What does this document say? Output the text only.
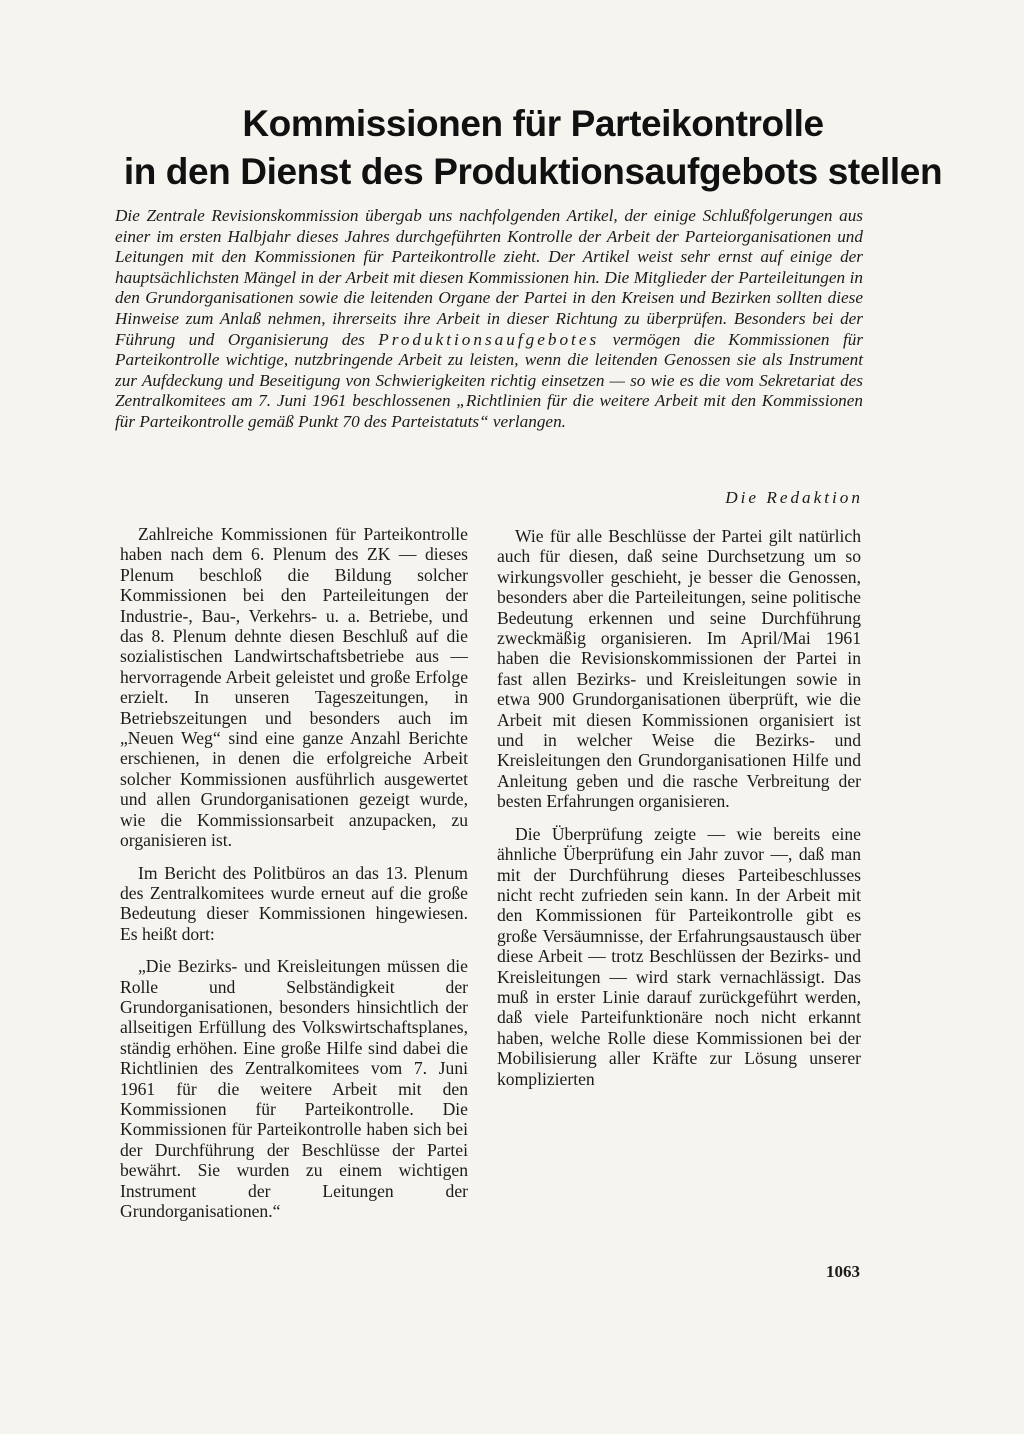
Kommissionen für Parteikontrolle
in den Dienst des Produktionsaufgebots stellen

Die Zentrale Revisionskommission übergab uns nachfolgenden Artikel, der einige Schlußfolgerungen aus einer im ersten Halbjahr dieses Jahres durchgeführten Kontrolle der Arbeit der Parteiorganisationen und Leitungen mit den Kommissionen für Parteikontrolle zieht. Der Artikel weist sehr ernst auf einige der hauptsächlichsten Mängel in der Arbeit mit diesen Kommissionen hin. Die Mitglieder der Parteileitungen in den Grundorganisationen sowie die leitenden Organe der Partei in den Kreisen und Bezirken sollten diese Hinweise zum Anlaß nehmen, ihrerseits ihre Arbeit in dieser Richtung zu überprüfen. Besonders bei der Führung und Organisierung des Produktionsaufgebotes vermögen die Kommissionen für Parteikontrolle wichtige, nutzbringende Arbeit zu leisten, wenn die leitenden Genossen sie als Instrument zur Aufdeckung und Beseitigung von Schwierigkeiten richtig einsetzen — so wie es die vom Sekretariat des Zentralkomitees am 7. Juni 1961 beschlossenen „Richtlinien für die weitere Arbeit mit den Kommissionen für Parteikontrolle gemäß Punkt 70 des Parteistatuts“ verlangen.

Die Redaktion

Zahlreiche Kommissionen für Parteikontrolle haben nach dem 6. Plenum des ZK — dieses Plenum beschloß die Bildung solcher Kommissionen bei den Parteileitungen der Industrie-, Bau-, Verkehrs- u. a. Betriebe, und das 8. Plenum dehnte diesen Beschluß auf die sozialistischen Landwirtschaftsbetriebe aus — hervorragende Arbeit geleistet und große Erfolge erzielt. In unseren Tageszeitungen, in Betriebszeitungen und besonders auch im „Neuen Weg“ sind eine ganze Anzahl Berichte erschienen, in denen die erfolgreiche Arbeit solcher Kommissionen ausführlich ausgewertet und allen Grundorganisationen gezeigt wurde, wie die Kommissionsarbeit anzupacken, zu organisieren ist.

Im Bericht des Politbüros an das 13. Plenum des Zentralkomitees wurde erneut auf die große Bedeutung dieser Kommissionen hingewiesen. Es heißt dort:

„Die Bezirks- und Kreisleitungen müssen die Rolle und Selbständigkeit der Grundorganisationen, besonders hinsichtlich der allseitigen Erfüllung des Volkswirtschaftsplanes, ständig erhöhen. Eine große Hilfe sind dabei die Richtlinien des Zentralkomitees vom 7. Juni 1961 für die weitere Arbeit mit den Kommissionen für Parteikontrolle. Die Kommissionen für Parteikontrolle haben sich bei der Durchführung der Beschlüsse der Partei bewährt. Sie wurden zu einem wichtigen Instrument der Leitungen der Grundorganisationen.“

Wie für alle Beschlüsse der Partei gilt natürlich auch für diesen, daß seine Durchsetzung um so wirkungsvoller geschieht, je besser die Genossen, besonders aber die Parteileitungen, seine politische Bedeutung erkennen und seine Durchführung zweckmäßig organisieren. Im April/Mai 1961 haben die Revisionskommissionen der Partei in fast allen Bezirks- und Kreisleitungen sowie in etwa 900 Grundorganisationen überprüft, wie die Arbeit mit diesen Kommissionen organisiert ist und in welcher Weise die Bezirks- und Kreisleitungen den Grundorganisationen Hilfe und Anleitung geben und die rasche Verbreitung der besten Erfahrungen organisieren.

Die Überprüfung zeigte — wie bereits eine ähnliche Überprüfung ein Jahr zuvor —, daß man mit der Durchführung dieses Parteibeschlusses nicht recht zufrieden sein kann. In der Arbeit mit den Kommissionen für Parteikontrolle gibt es große Versäumnisse, der Erfahrungsaustausch über diese Arbeit — trotz Beschlüssen der Bezirks- und Kreisleitungen — wird stark vernachlässigt. Das muß in erster Linie darauf zurückgeführt werden, daß viele Parteifunktionäre noch nicht erkannt haben, welche Rolle diese Kommissionen bei der Mobilisierung aller Kräfte zur Lösung unserer komplizierten

1063
